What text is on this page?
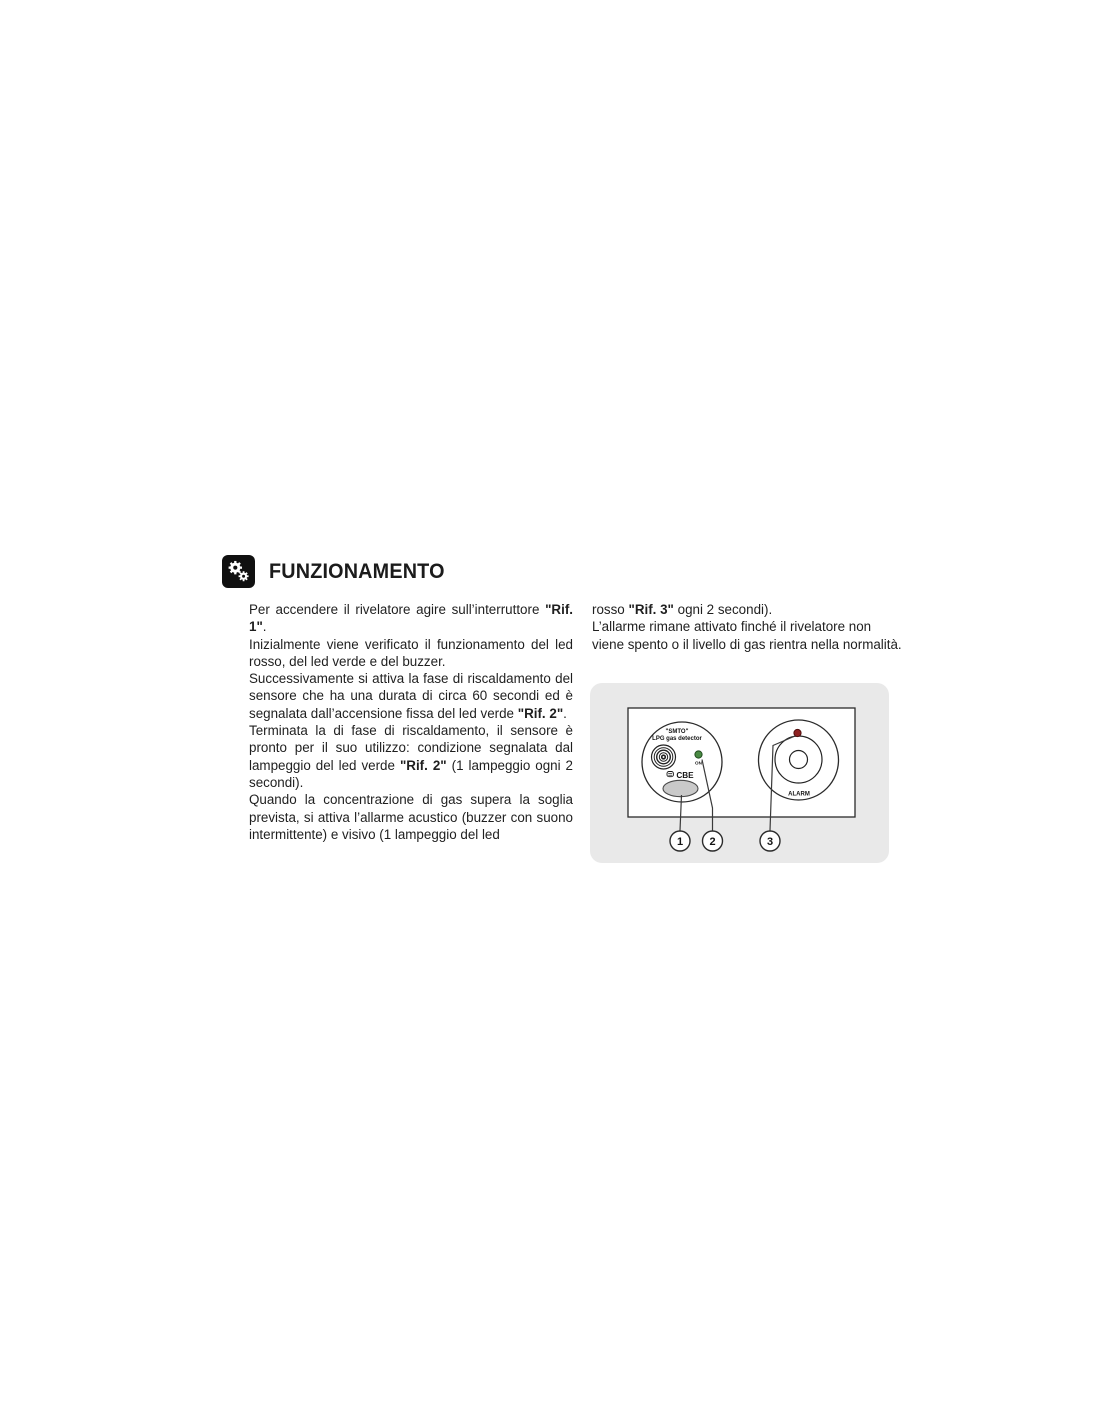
FUNZIONAMENTO

Per accendere il rivelatore agire sull’interruttore "Rif. 1".

Inizialmente viene verificato il funzionamento del led rosso, del led verde e del buzzer.

Successivamente si attiva la fase di riscaldamento del sensore che ha una durata di circa 60 secondi ed è segnalata dall’accensione fissa del led verde "Rif. 2".

Terminata la di fase di riscaldamento, il sensore è pronto per il suo utilizzo: condizione segnalata dal lampeggio del led verde "Rif. 2" (1 lampeggio ogni 2 secondi).

Quando la concentrazione di gas supera la soglia prevista, si attiva l’allarme acustico (buzzer con suono intermittente) e visivo (1 lampeggio del led

rosso "Rif. 3" ogni 2 secondi).

L’allarme rimane attivato finché il rivelatore non viene spento o il livello di gas rientra nella normalità.

"SMTO"
LPG gas detector
ON
CBE
ALARM
1 2	3
